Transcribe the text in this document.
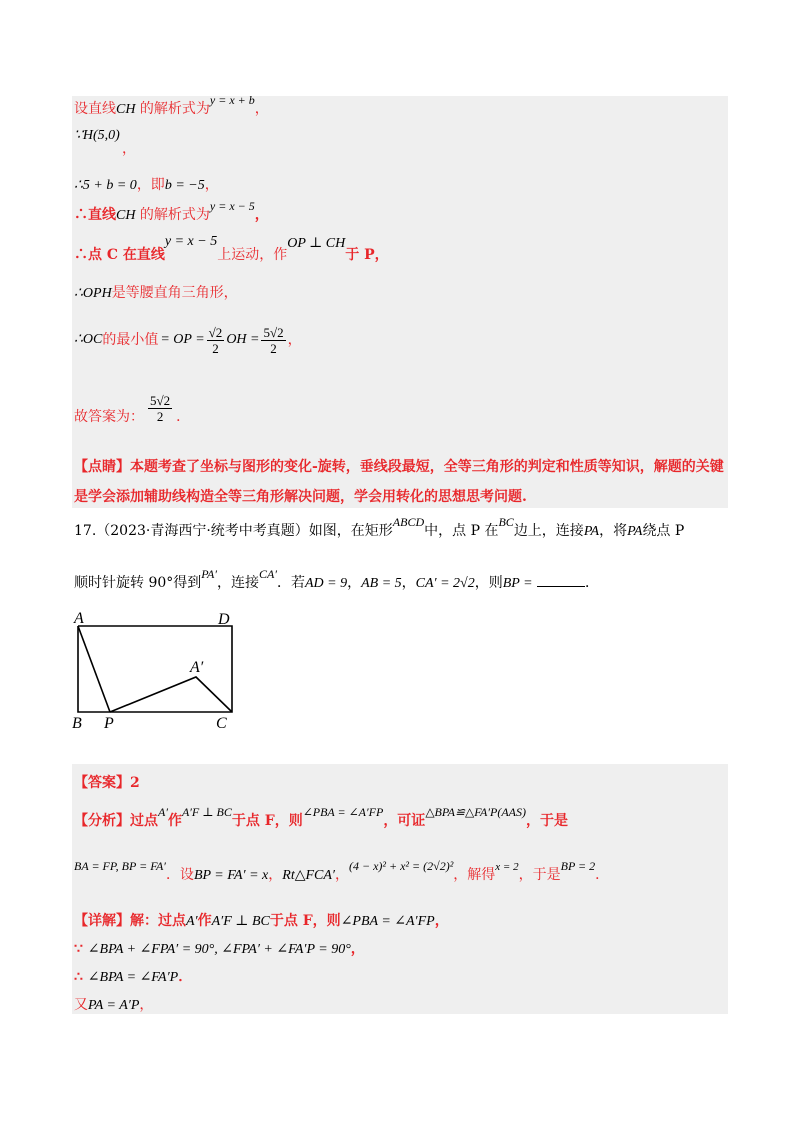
设直线CH 的解析式为y = x + b，
∵H(5,0)
，
∴5 + b = 0，即b = −5，
∴直线CH 的解析式为y = x − 5，
∴点 C 在直线y = x − 5上运动，作OP ⊥ CH于 P，
∴OPH是等腰直角三角形，
∴OC 的最小值 = OP = $\frac{√2}{2}$ OH = $\frac{5√2}{2}$ ，
故答案为： $\frac{5√2}{2}$ ．
【点睛】本题考查了坐标与图形的变化-旋转，垂线段最短，全等三角形的判定和性质等知识，解题的关键
是学会添加辅助线构造全等三角形解决问题，学会用转化的思想思考问题.
17.（2023·青海西宁·统考中考真题）如图，在矩形ABCD中，点 P 在BC边上，连接PA，将PA绕点 P
顺时针旋转 90°得到PA′，连接CA′．若AD = 9，AB = 5，CA′ = 2√2，则BP =	．
A	D
A′
B P	C
【答案】2
【分析】过点A′作A′F ⊥ BC于点 F，则∠PBA = ∠A′FP，可证△BPA≌△FA′P(AAS)，于是
BA = FP, BP = FA′．设BP = FA′ = x，Rt△FCA′，(4 − x)² + x² = (2√2)²，解得$^{x = 2}$，于是BP = 2．
【详解】解：过点A′作A′F ⊥ BC于点 F，则∠PBA = ∠A′FP，
∵ ∠BPA + ∠FPA′ = 90°, ∠FPA′ + ∠FA′P = 90°，
∴ ∠BPA = ∠FA′P．
又PA = A′P，
